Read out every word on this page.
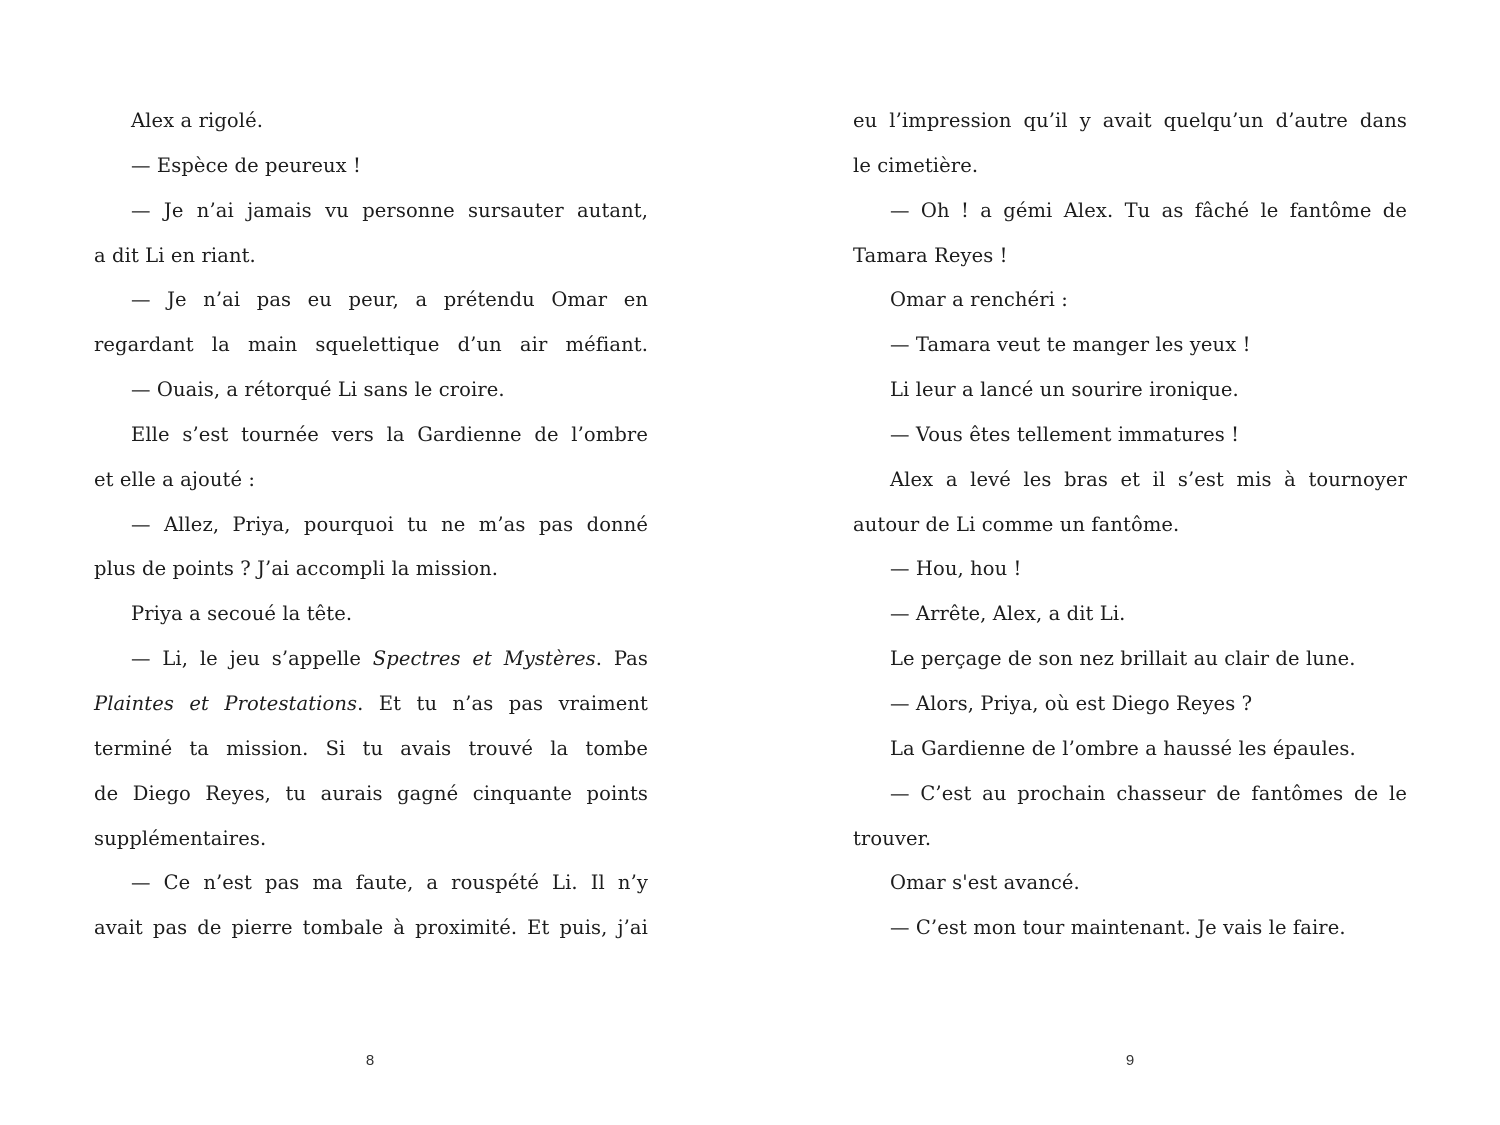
Alex a rigolé.

— Espèce de peureux !

— Je n’ai jamais vu personne sursauter autant,

a dit Li en riant.

— Je n’ai pas eu peur, a prétendu Omar en

regardant la main squelettique d’un air méfiant.

— Ouais, a rétorqué Li sans le croire.

Elle s’est tournée vers la Gardienne de l’ombre

et elle a ajouté :

— Allez, Priya, pourquoi tu ne m’as pas donné

plus de points ? J’ai accompli la mission.

Priya a secoué la tête.

— Li, le jeu s’appelle Spectres et Mystères. Pas

Plaintes et Protestations. Et tu n’as pas vraiment

terminé ta mission. Si tu avais trouvé la tombe

de Diego Reyes, tu aurais gagné cinquante points

supplémentaires.

— Ce n’est pas ma faute, a rouspété Li. Il n’y

avait pas de pierre tombale à proximité. Et puis, j’ai

8

eu l’impression qu’il y avait quelqu’un d’autre dans

le cimetière.

— Oh ! a gémi Alex. Tu as fâché le fantôme de

Tamara Reyes !

Omar a renchéri :

— Tamara veut te manger les yeux !

Li leur a lancé un sourire ironique.

— Vous êtes tellement immatures !

Alex a levé les bras et il s’est mis à tournoyer

autour de Li comme un fantôme.

— Hou, hou !

— Arrête, Alex, a dit Li.

Le perçage de son nez brillait au clair de lune.

— Alors, Priya, où est Diego Reyes ?

La Gardienne de l’ombre a haussé les épaules.

— C’est au prochain chasseur de fantômes de le

trouver.

Omar s'est avancé.

— C’est mon tour maintenant. Je vais le faire.

9
